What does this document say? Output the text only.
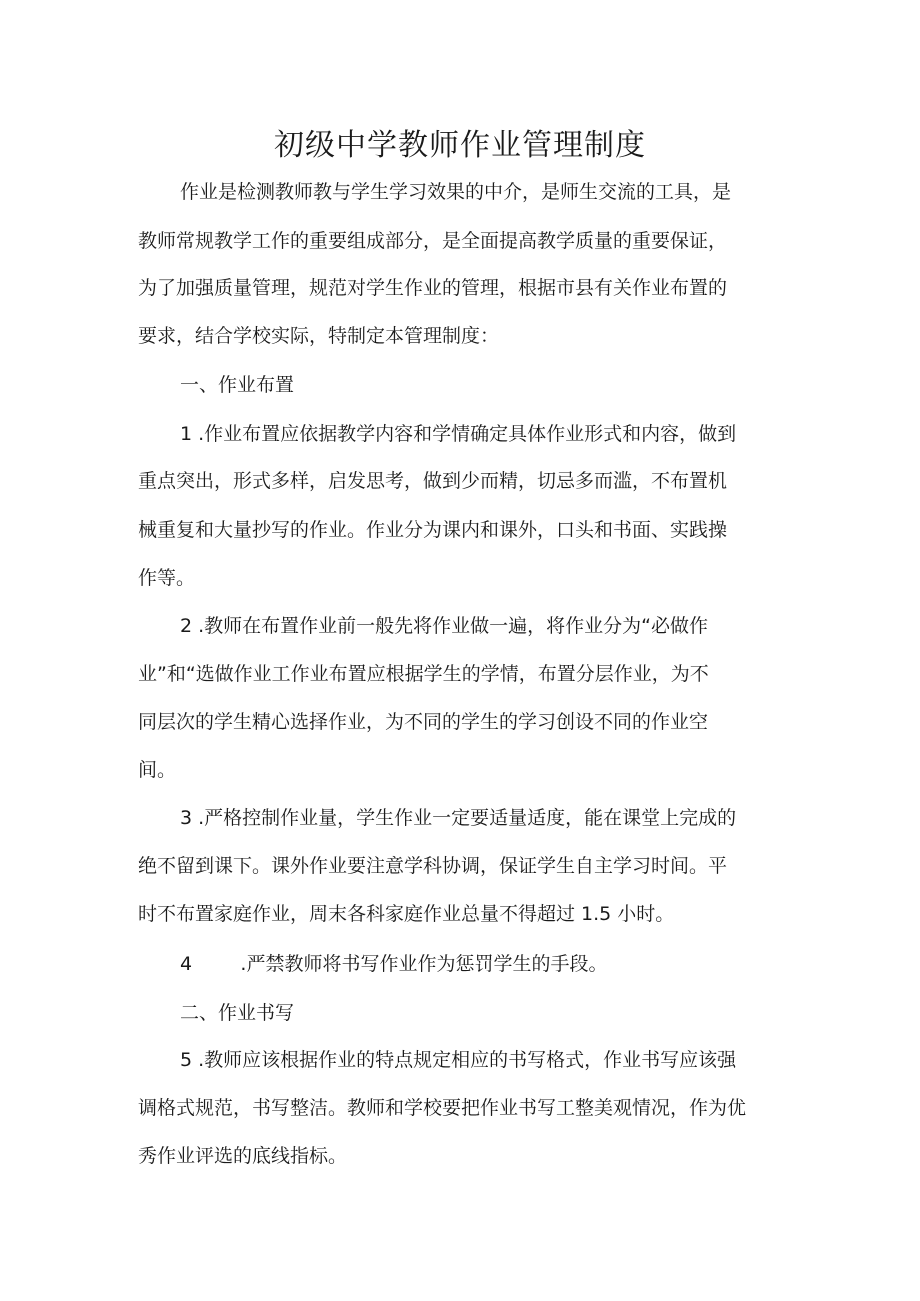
初级中学教师作业管理制度
作业是检测教师教与学生学习效果的中介，是师生交流的工具，是
教师常规教学工作的重要组成部分，是全面提高教学质量的重要保证，
为了加强质量管理，规范对学生作业的管理，根据市县有关作业布置的
要求，结合学校实际，特制定本管理制度：
一、作业布置
1 .作业布置应依据教学内容和学情确定具体作业形式和内容，做到
重点突出，形式多样，启发思考，做到少而精，切忌多而滥，不布置机
械重复和大量抄写的作业。作业分为课内和课外，口头和书面、实践操
作等。
2 .教师在布置作业前一般先将作业做一遍，将作业分为“必做作
业”和“选做作业工作业布置应根据学生的学情，布置分层作业，为不
同层次的学生精心选择作业，为不同的学生的学习创设不同的作业空
间。
3 .严格控制作业量，学生作业一定要适量适度，能在课堂上完成的
绝不留到课下。课外作业要注意学科协调，保证学生自主学习时间。平
时不布置家庭作业，周末各科家庭作业总量不得超过 1.5 小时。
4        .严禁教师将书写作业作为惩罚学生的手段。
二、作业书写
5 .教师应该根据作业的特点规定相应的书写格式，作业书写应该强
调格式规范，书写整洁。教师和学校要把作业书写工整美观情况，作为优
秀作业评选的底线指标。
